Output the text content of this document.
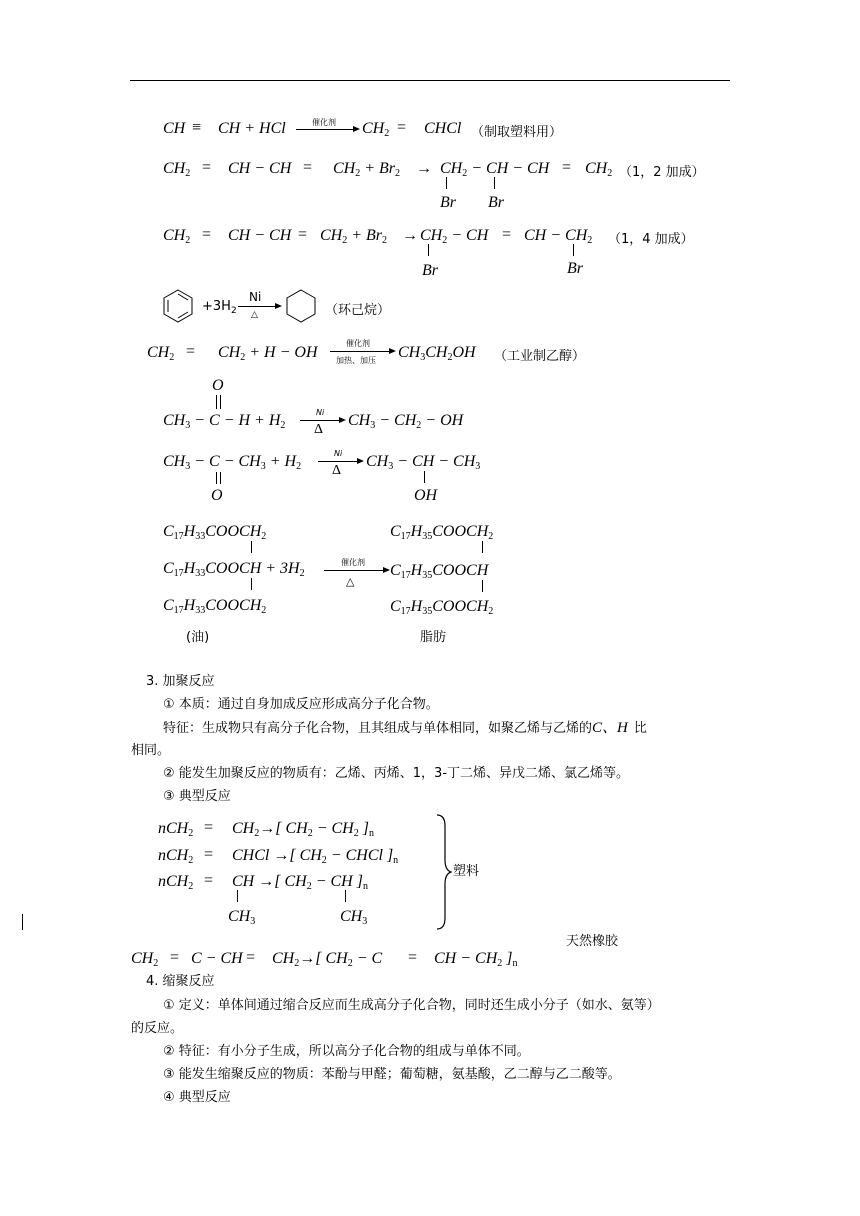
CH ≡ CH + HCl	催化剂 $CH_2$ = CHCl （制取塑料用）
$CH_2$ = CH − CH = $CH_2 + Br_2 \to CH_2$ − CH − CH = $CH_2$ （1，2 加成）
Br Br
$CH_2$ = CH − CH = $CH_2 + Br_2 \to CH_2$ − CH = CH − $CH_2$ （1，4 加成）
Br	Br
$+3H_2$
Ni
△	（环己烷）
$CH_2 = CH_2 + H$ − OH
催化剂
加热、加压 $CH_3CH_2OH$ （工业制乙醇）
O
$CH_3 - C - H + H_2$
Ni
Δ
$CH_3 - CH_2$ − OH
$CH_3 - C - CH_3 + H_2$
Ni
Δ
$CH_3$ − CH − $CH_3$
O	OH
$C_{17}H_{33}COOCH_2$
$C_{17}H_{33}COOCH + 3H_2$
$C_{17}H_{33}COOCH_2$
催化剂
△
$C_{17}H_{35}COOCH_2$
$C_{17}H_{35}COOCH$
$C_{17}H_{35}COOCH_2$
(油)	脂肪
3. 加聚反应
① 本质：通过自身加成反应形成高分子化合物。
特征：生成物只有高分子化合物，且其组成与单体相同，如聚乙烯与乙烯的C、H 比
相同。
② 能发生加聚反应的物质有：乙烯、丙烯、1，3-丁二烯、异戊二烯、氯乙烯等。
③ 典型反应
$nCH_2 = CH_2\to$[ $CH_2 - CH_2$ ]$_n$
nCH$_2$ = CHCl →[ $CH_2$ − CHCl ]$_n$
nCH$_2$ = CH →[ $CH_2$ − CH ]$_n$
$CH_3$	$CH_3$
塑料
天然橡胶
$CH_2 = C$ − CH = $CH_2\to$[ $CH_2 - C$ = CH − $CH_2$ ]$_n$
4. 缩聚反应
① 定义：单体间通过缩合反应而生成高分子化合物，同时还生成小分子（如水、氨等）
的反应。
② 特征：有小分子生成，所以高分子化合物的组成与单体不同。
③ 能发生缩聚反应的物质：苯酚与甲醛；葡萄糖，氨基酸，乙二醇与乙二酸等。
④ 典型反应
